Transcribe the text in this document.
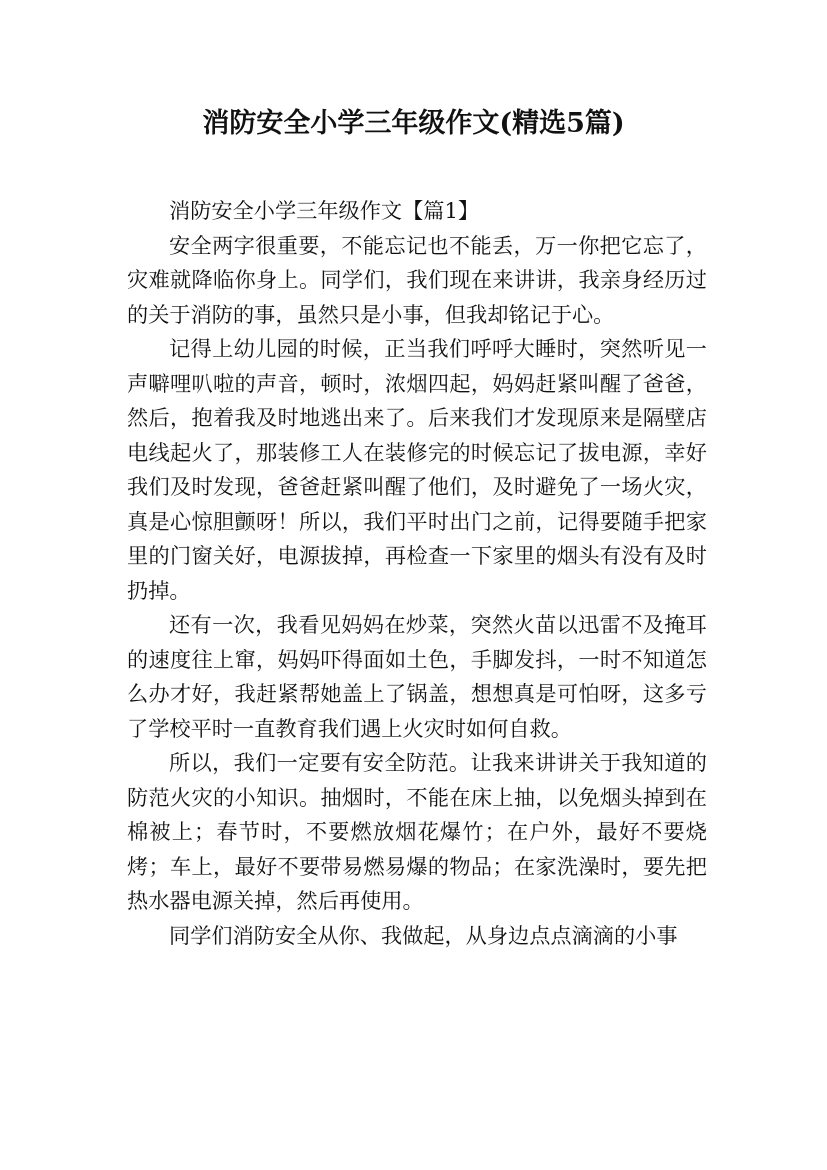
消防安全小学三年级作文(精选5篇)

消防安全小学三年级作文【篇1】

安全两字很重要，不能忘记也不能丢，万一你把它忘了，灾难就降临你身上。同学们，我们现在来讲讲，我亲身经历过的关于消防的事，虽然只是小事，但我却铭记于心。

记得上幼儿园的时候，正当我们呼呼大睡时，突然听见一声噼哩叭啦的声音，顿时，浓烟四起，妈妈赶紧叫醒了爸爸，然后，抱着我及时地逃出来了。后来我们才发现原来是隔壁店电线起火了，那装修工人在装修完的时候忘记了拔电源，幸好我们及时发现，爸爸赶紧叫醒了他们，及时避免了一场火灾，真是心惊胆颤呀！所以，我们平时出门之前，记得要随手把家里的门窗关好，电源拔掉，再检查一下家里的烟头有没有及时扔掉。

还有一次，我看见妈妈在炒菜，突然火苗以迅雷不及掩耳的速度往上窜，妈妈吓得面如土色，手脚发抖，一时不知道怎么办才好，我赶紧帮她盖上了锅盖，想想真是可怕呀，这多亏了学校平时一直教育我们遇上火灾时如何自救。

所以，我们一定要有安全防范。让我来讲讲关于我知道的防范火灾的小知识。抽烟时，不能在床上抽，以免烟头掉到在棉被上；春节时，不要燃放烟花爆竹；在户外，最好不要烧烤；车上，最好不要带易燃易爆的物品；在家洗澡时，要先把热水器电源关掉，然后再使用。

同学们消防安全从你、我做起，从身边点点滴滴的小事
